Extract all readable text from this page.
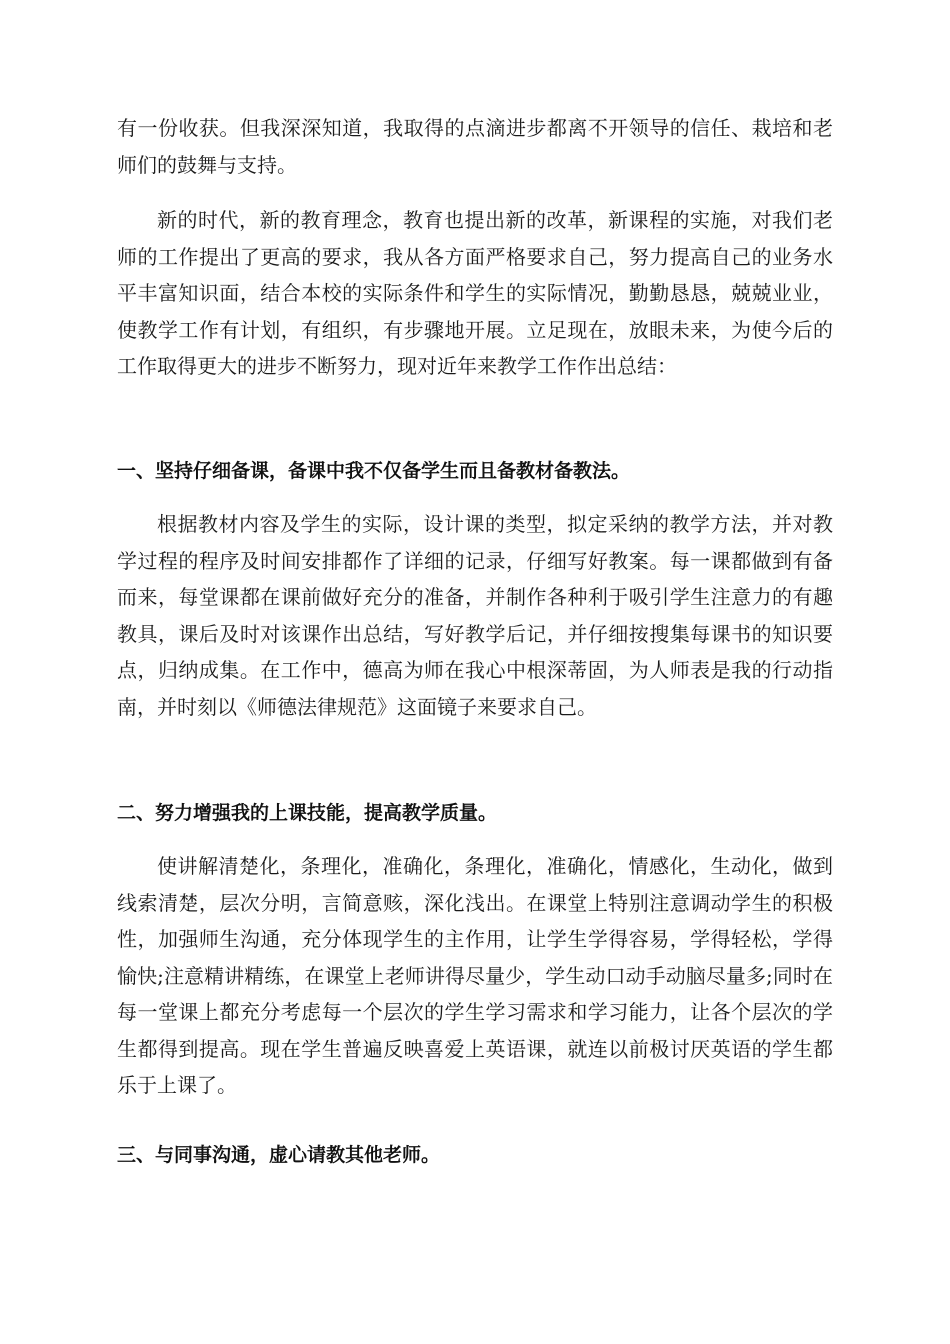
有一份收获。但我深深知道，我取得的点滴进步都离不开领导的信任、栽培和老师们的鼓舞与支持。

新的时代，新的教育理念，教育也提出新的改革，新课程的实施，对我们老师的工作提出了更高的要求，我从各方面严格要求自己，努力提高自己的业务水平丰富知识面，结合本校的实际条件和学生的实际情况，勤勤恳恳，兢兢业业，使教学工作有计划，有组织，有步骤地开展。立足现在，放眼未来，为使今后的工作取得更大的进步不断努力，现对近年来教学工作作出总结：

一、坚持仔细备课，备课中我不仅备学生而且备教材备教法。

根据教材内容及学生的实际，设计课的类型，拟定采纳的教学方法，并对教学过程的程序及时间安排都作了详细的记录，仔细写好教案。每一课都做到有备而来，每堂课都在课前做好充分的准备，并制作各种利于吸引学生注意力的有趣教具，课后及时对该课作出总结，写好教学后记，并仔细按搜集每课书的知识要点，归纳成集。在工作中，德高为师在我心中根深蒂固，为人师表是我的行动指南，并时刻以《师德法律规范》这面镜子来要求自己。

二、努力增强我的上课技能，提高教学质量。

使讲解清楚化，条理化，准确化，条理化，准确化，情感化，生动化，做到线索清楚，层次分明，言简意赅，深化浅出。在课堂上特别注意调动学生的积极性，加强师生沟通，充分体现学生的主作用，让学生学得容易，学得轻松，学得愉快;注意精讲精练，在课堂上老师讲得尽量少，学生动口动手动脑尽量多;同时在每一堂课上都充分考虑每一个层次的学生学习需求和学习能力，让各个层次的学生都得到提高。现在学生普遍反映喜爱上英语课，就连以前极讨厌英语的学生都乐于上课了。

三、与同事沟通，虚心请教其他老师。
